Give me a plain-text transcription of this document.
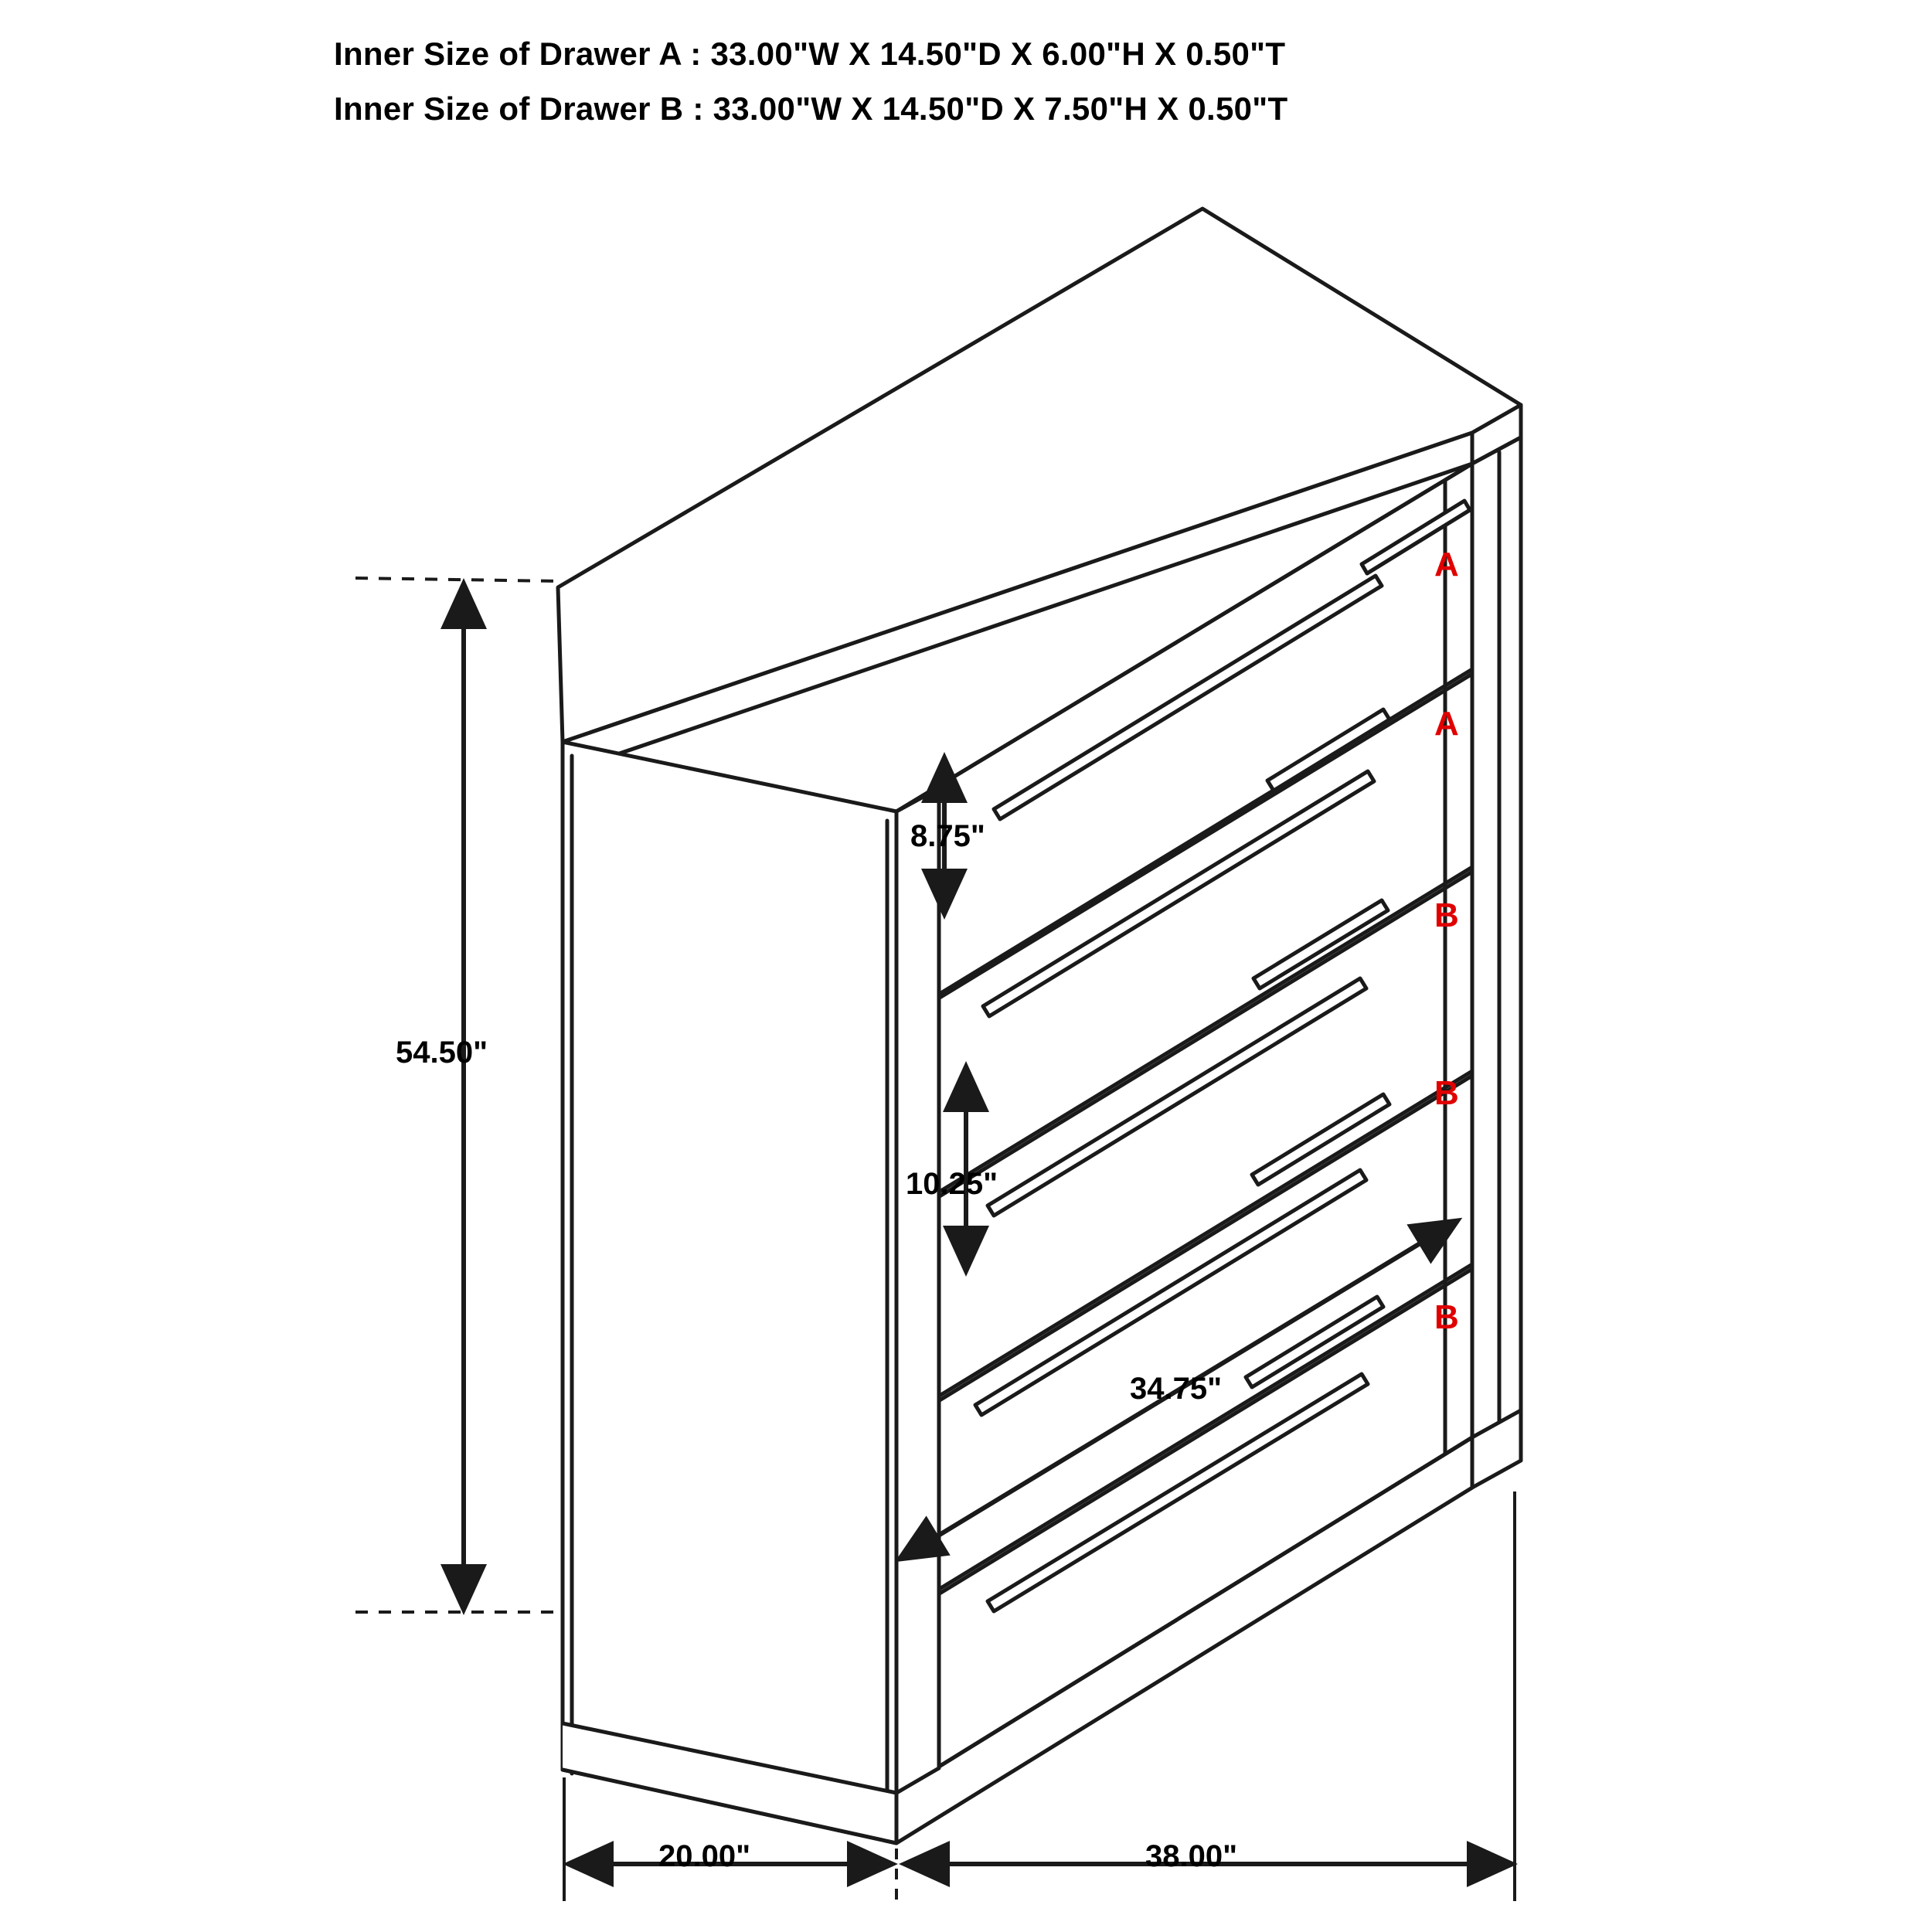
Inner Size of Drawer A : 33.00"W X 14.50"D X 6.00"H X 0.50"T
Inner Size of Drawer B : 33.00"W X 14.50"D X 7.50"H X 0.50"T
54.50"
8.75"
10.25"
34.75"
20.00"	38.00"
A
A
B
B
B
